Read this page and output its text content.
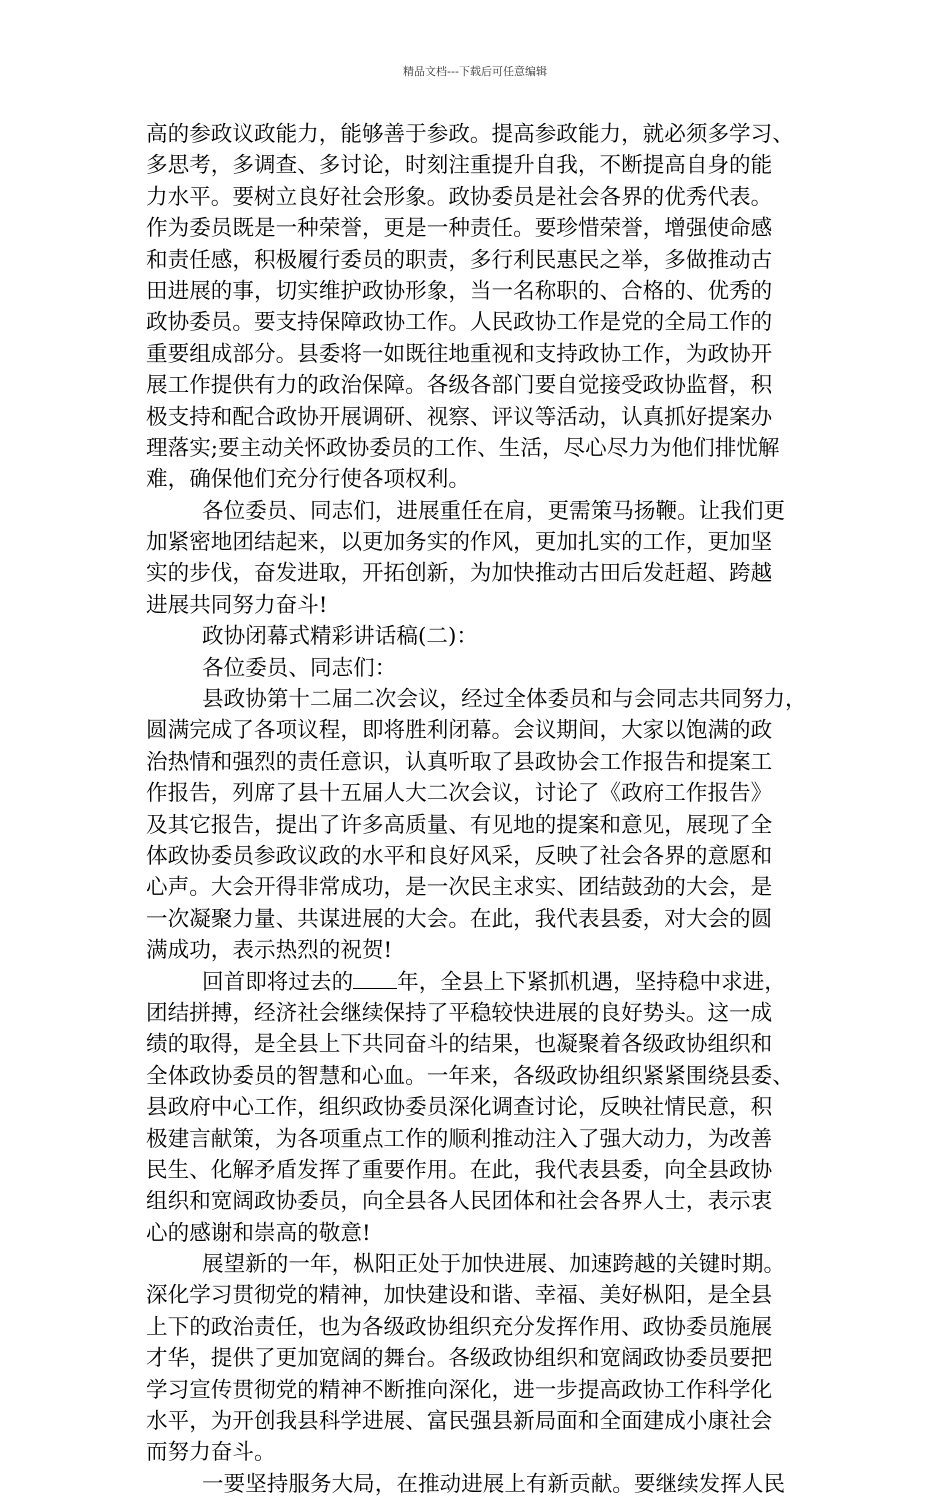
精品文档---下载后可任意编辑
高的参政议政能力，能够善于参政。提高参政能力，就必须多学习、
多思考，多调查、多讨论，时刻注重提升自我，不断提高自身的能
力水平。要树立良好社会形象。政协委员是社会各界的优秀代表。
作为委员既是一种荣誉，更是一种责任。要珍惜荣誉，增强使命感
和责任感，积极履行委员的职责，多行利民惠民之举，多做推动古
田进展的事，切实维护政协形象，当一名称职的、合格的、优秀的
政协委员。要支持保障政协工作。人民政协工作是党的全局工作的
重要组成部分。县委将一如既往地重视和支持政协工作，为政协开
展工作提供有力的政治保障。各级各部门要自觉接受政协监督，积
极支持和配合政协开展调研、视察、评议等活动，认真抓好提案办
理落实;要主动关怀政协委员的工作、生活，尽心尽力为他们排忧解
难，确保他们充分行使各项权利。
各位委员、同志们，进展重任在肩，更需策马扬鞭。让我们更
加紧密地团结起来，以更加务实的作风，更加扎实的工作，更加坚
实的步伐，奋发进取，开拓创新，为加快推动古田后发赶超、跨越
进展共同努力奋斗!
政协闭幕式精彩讲话稿(二)：
各位委员、同志们：
县政协第十二届二次会议，经过全体委员和与会同志共同努力，
圆满完成了各项议程，即将胜利闭幕。会议期间，大家以饱满的政
治热情和强烈的责任意识，认真听取了县政协会工作报告和提案工
作报告，列席了县十五届人大二次会议，讨论了《政府工作报告》
及其它报告，提出了许多高质量、有见地的提案和意见，展现了全
体政协委员参政议政的水平和良好风采，反映了社会各界的意愿和
心声。大会开得非常成功，是一次民主求实、团结鼓劲的大会，是
一次凝聚力量、共谋进展的大会。在此，我代表县委，对大会的圆
满成功，表示热烈的祝贺!
回首即将过去的 年，全县上下紧抓机遇，坚持稳中求进，
团结拼搏，经济社会继续保持了平稳较快进展的良好势头。这一成
绩的取得，是全县上下共同奋斗的结果，也凝聚着各级政协组织和
全体政协委员的智慧和心血。一年来，各级政协组织紧紧围绕县委、
县政府中心工作，组织政协委员深化调查讨论，反映社情民意，积
极建言献策，为各项重点工作的顺利推动注入了强大动力，为改善
民生、化解矛盾发挥了重要作用。在此，我代表县委，向全县政协
组织和宽阔政协委员，向全县各人民团体和社会各界人士，表示衷
心的感谢和崇高的敬意!
展望新的一年，枞阳正处于加快进展、加速跨越的关键时期。
深化学习贯彻党的精神，加快建设和谐、幸福、美好枞阳，是全县
上下的政治责任，也为各级政协组织充分发挥作用、政协委员施展
才华，提供了更加宽阔的舞台。各级政协组织和宽阔政协委员要把
学习宣传贯彻党的精神不断推向深化，进一步提高政协工作科学化
水平，为开创我县科学进展、富民强县新局面和全面建成小康社会
而努力奋斗。
一要坚持服务大局，在推动进展上有新贡献。要继续发挥人民
